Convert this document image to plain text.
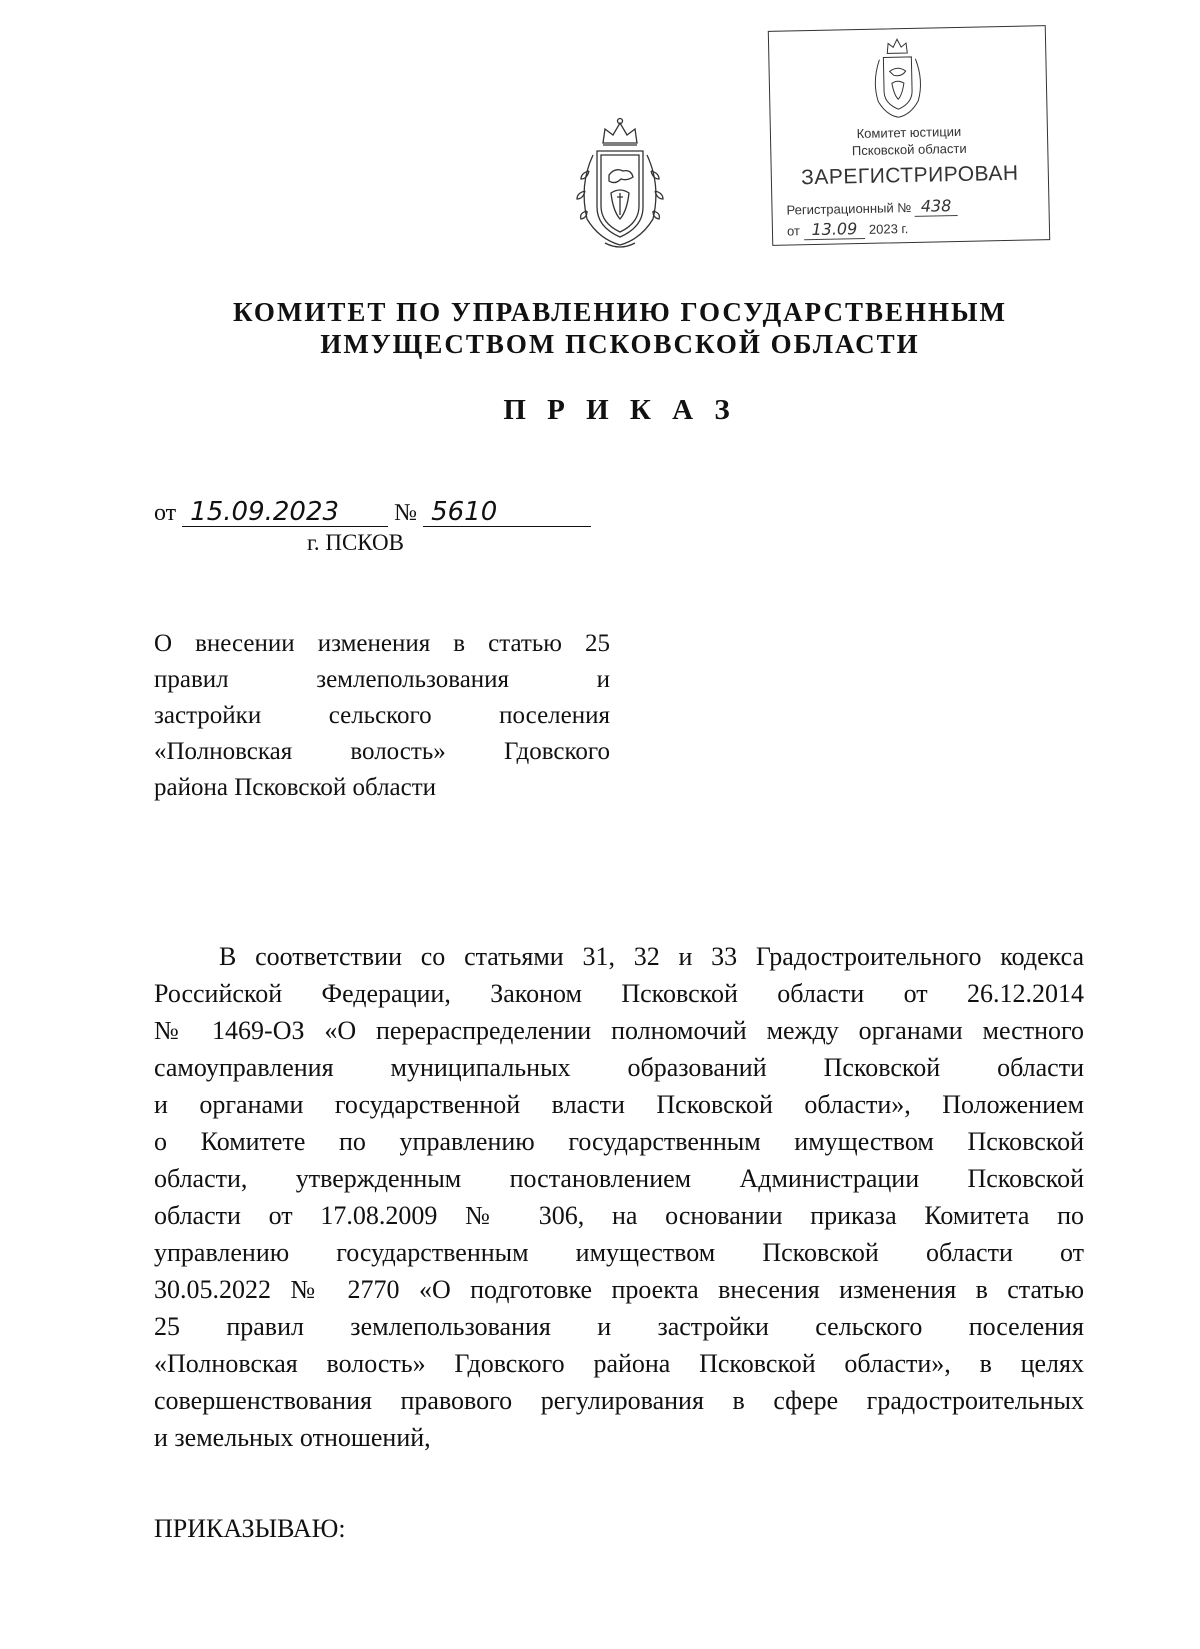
Комитет юстиции
Псковской области
ЗАРЕГИСТРИРОВАН
Регистрационный № 438
от 13.09 2023 г.
КОМИТЕТ ПО УПРАВЛЕНИЮ ГОСУДАРСТВЕННЫМ
ИМУЩЕСТВОМ ПСКОВСКОЙ ОБЛАСТИ
П Р И К А З
от 15.09.2023 № 5610
г. ПСКОВ
О внесении изменения в статью 25
правил землепользования и
застройки сельского поселения
«Полновская волость» Гдовского
района Псковской области
В соответствии со статьями 31, 32 и 33 Градостроительного кодекса
Российской Федерации, Законом Псковской области от 26.12.2014
№ 1469-ОЗ «О перераспределении полномочий между органами местного
самоуправления муниципальных образований Псковской области
и органами государственной власти Псковской области», Положением
о Комитете по управлению государственным имуществом Псковской
области, утвержденным постановлением Администрации Псковской
области от 17.08.2009 № 306, на основании приказа Комитета по
управлению государственным имуществом Псковской области от
30.05.2022 № 2770 «О подготовке проекта внесения изменения в статью
25 правил землепользования и застройки сельского поселения
«Полновская волость» Гдовского района Псковской области», в целях
совершенствования правового регулирования в сфере градостроительных
и земельных отношений,
ПРИКАЗЫВАЮ:
